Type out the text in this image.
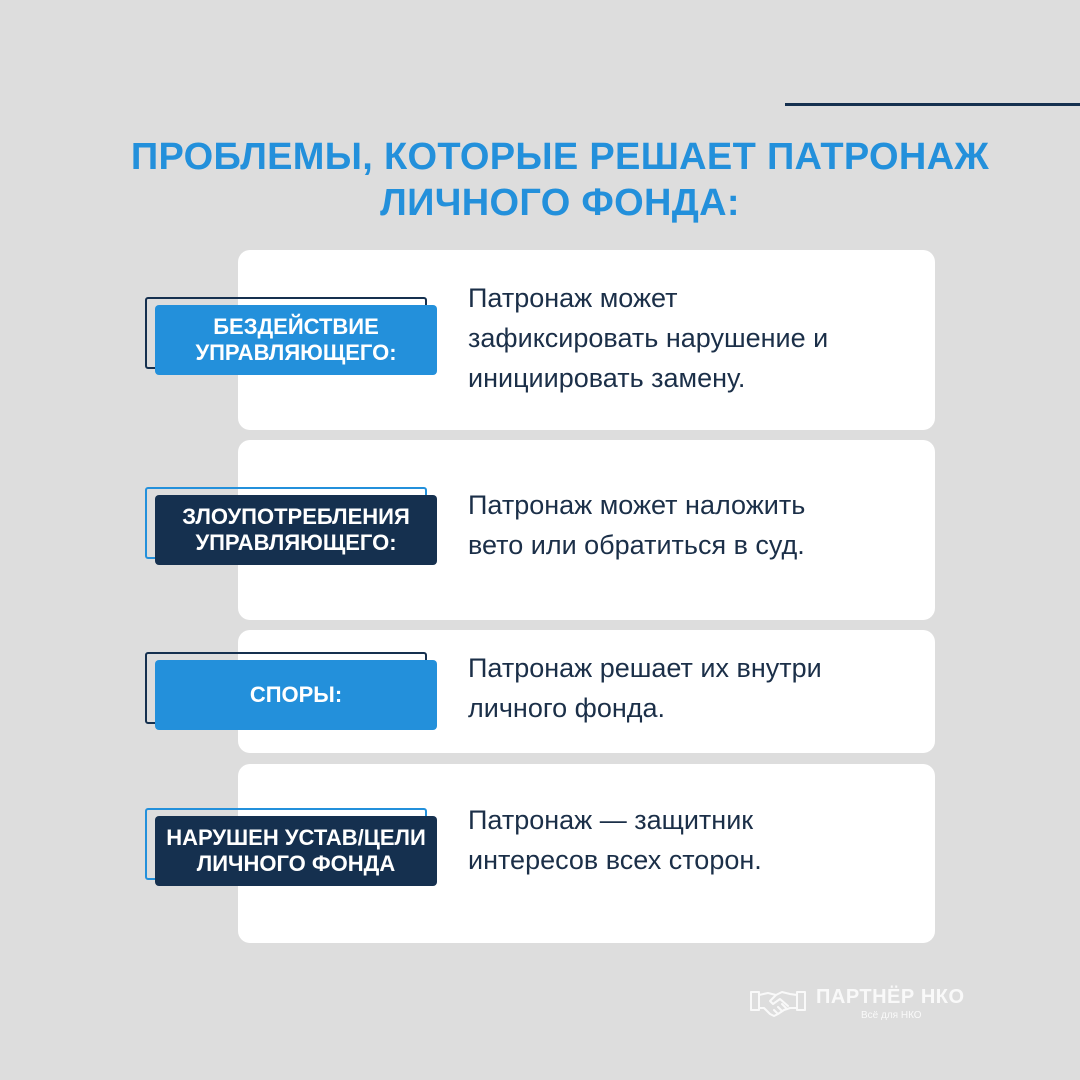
ПРОБЛЕМЫ, КОТОРЫЕ РЕШАЕТ ПАТРОНАЖ
ЛИЧНОГО ФОНДА:
Патронаж может
зафиксировать нарушение и
инициировать замену.
БЕЗДЕЙСТВИЕ
УПРАВЛЯЮЩЕГО:
Патронаж может наложить
вето или обратиться в суд.
ЗЛОУПОТРЕБЛЕНИЯ
УПРАВЛЯЮЩЕГО:
Патронаж решает их внутри
личного фонда.
СПОРЫ:
Патронаж — защитник
интересов всех сторон.
НАРУШЕН УСТАВ/ЦЕЛИ
ЛИЧНОГО ФОНДА
ПАРТНЁР НКО
Всё для НКО
